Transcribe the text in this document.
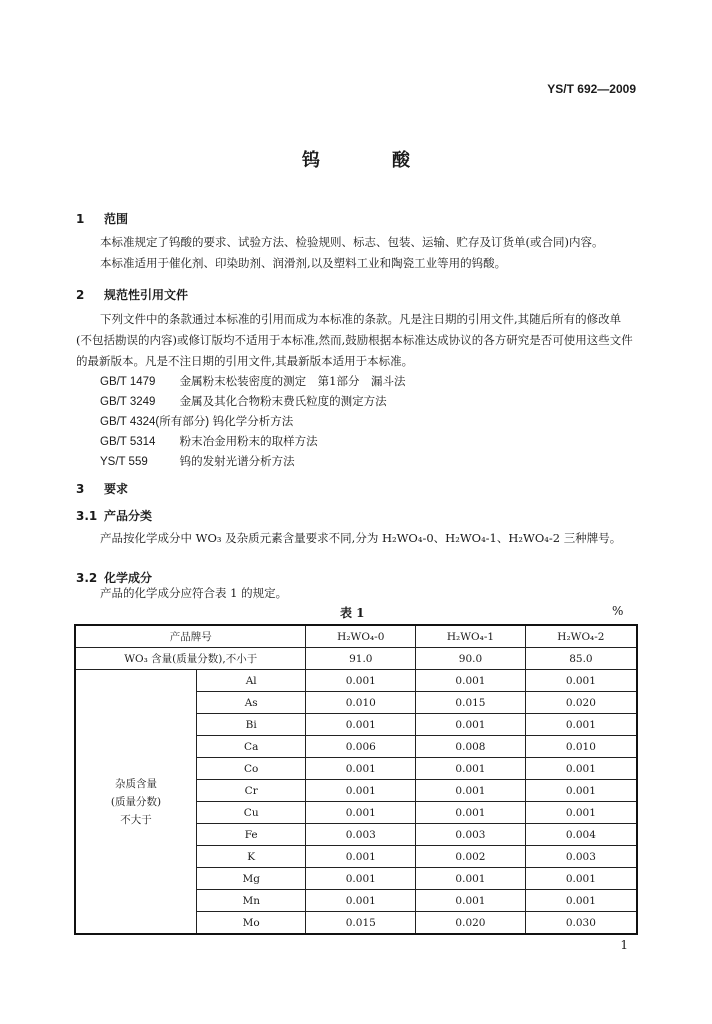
YS/T 692—2009
钨酸
1 范围
本标准规定了钨酸的要求、试验方法、检验规则、标志、包装、运输、贮存及订货单(或合同)内容。
本标准适用于催化剂、印染助剂、润滑剂,以及塑料工业和陶瓷工业等用的钨酸。
2 规范性引用文件
下列文件中的条款通过本标准的引用而成为本标准的条款。凡是注日期的引用文件,其随后所有的修改单(不包括勘误的内容)或修订版均不适用于本标准,然而,鼓励根据本标准达成协议的各方研究是否可使用这些文件的最新版本。凡是不注日期的引用文件,其最新版本适用于本标准。
GB/T 1479 金属粉末松装密度的测定　第1部分　漏斗法
GB/T 3249 金属及其化合物粉末费氏粒度的测定方法
GB/T 4324(所有部分) 钨化学分析方法
GB/T 5314 粉末冶金用粉末的取样方法
YS/T 559	钨的发射光谱分析方法
3 要求
3.1 产品分类
产品按化学成分中 WO₃ 及杂质元素含量要求不同,分为 H₂WO₄-0、H₂WO₄-1、H₂WO₄-2 三种牌号。
3.2 化学成分
产品的化学成分应符合表 1 的规定。
表 1	%
产品牌号		H₂WO₄-0	H₂WO₄-1	H₂WO₄-2
WO₃ 含量(质量分数),不小于		91.0	90.0	85.0

杂质含量
(质量分数)
不大于	Al	0.001	0.001	0.001
	As	0.010	0.015	0.020
	Bi	0.001	0.001	0.001
	Ca	0.006	0.008	0.010
	Co	0.001	0.001	0.001
	Cr	0.001	0.001	0.001
	Cu	0.001	0.001	0.001
	Fe	0.003	0.003	0.004
	K	0.001	0.002	0.003
	Mg	0.001	0.001	0.001
	Mn	0.001	0.001	0.001
	Mo	0.015	0.020	0.030
1
